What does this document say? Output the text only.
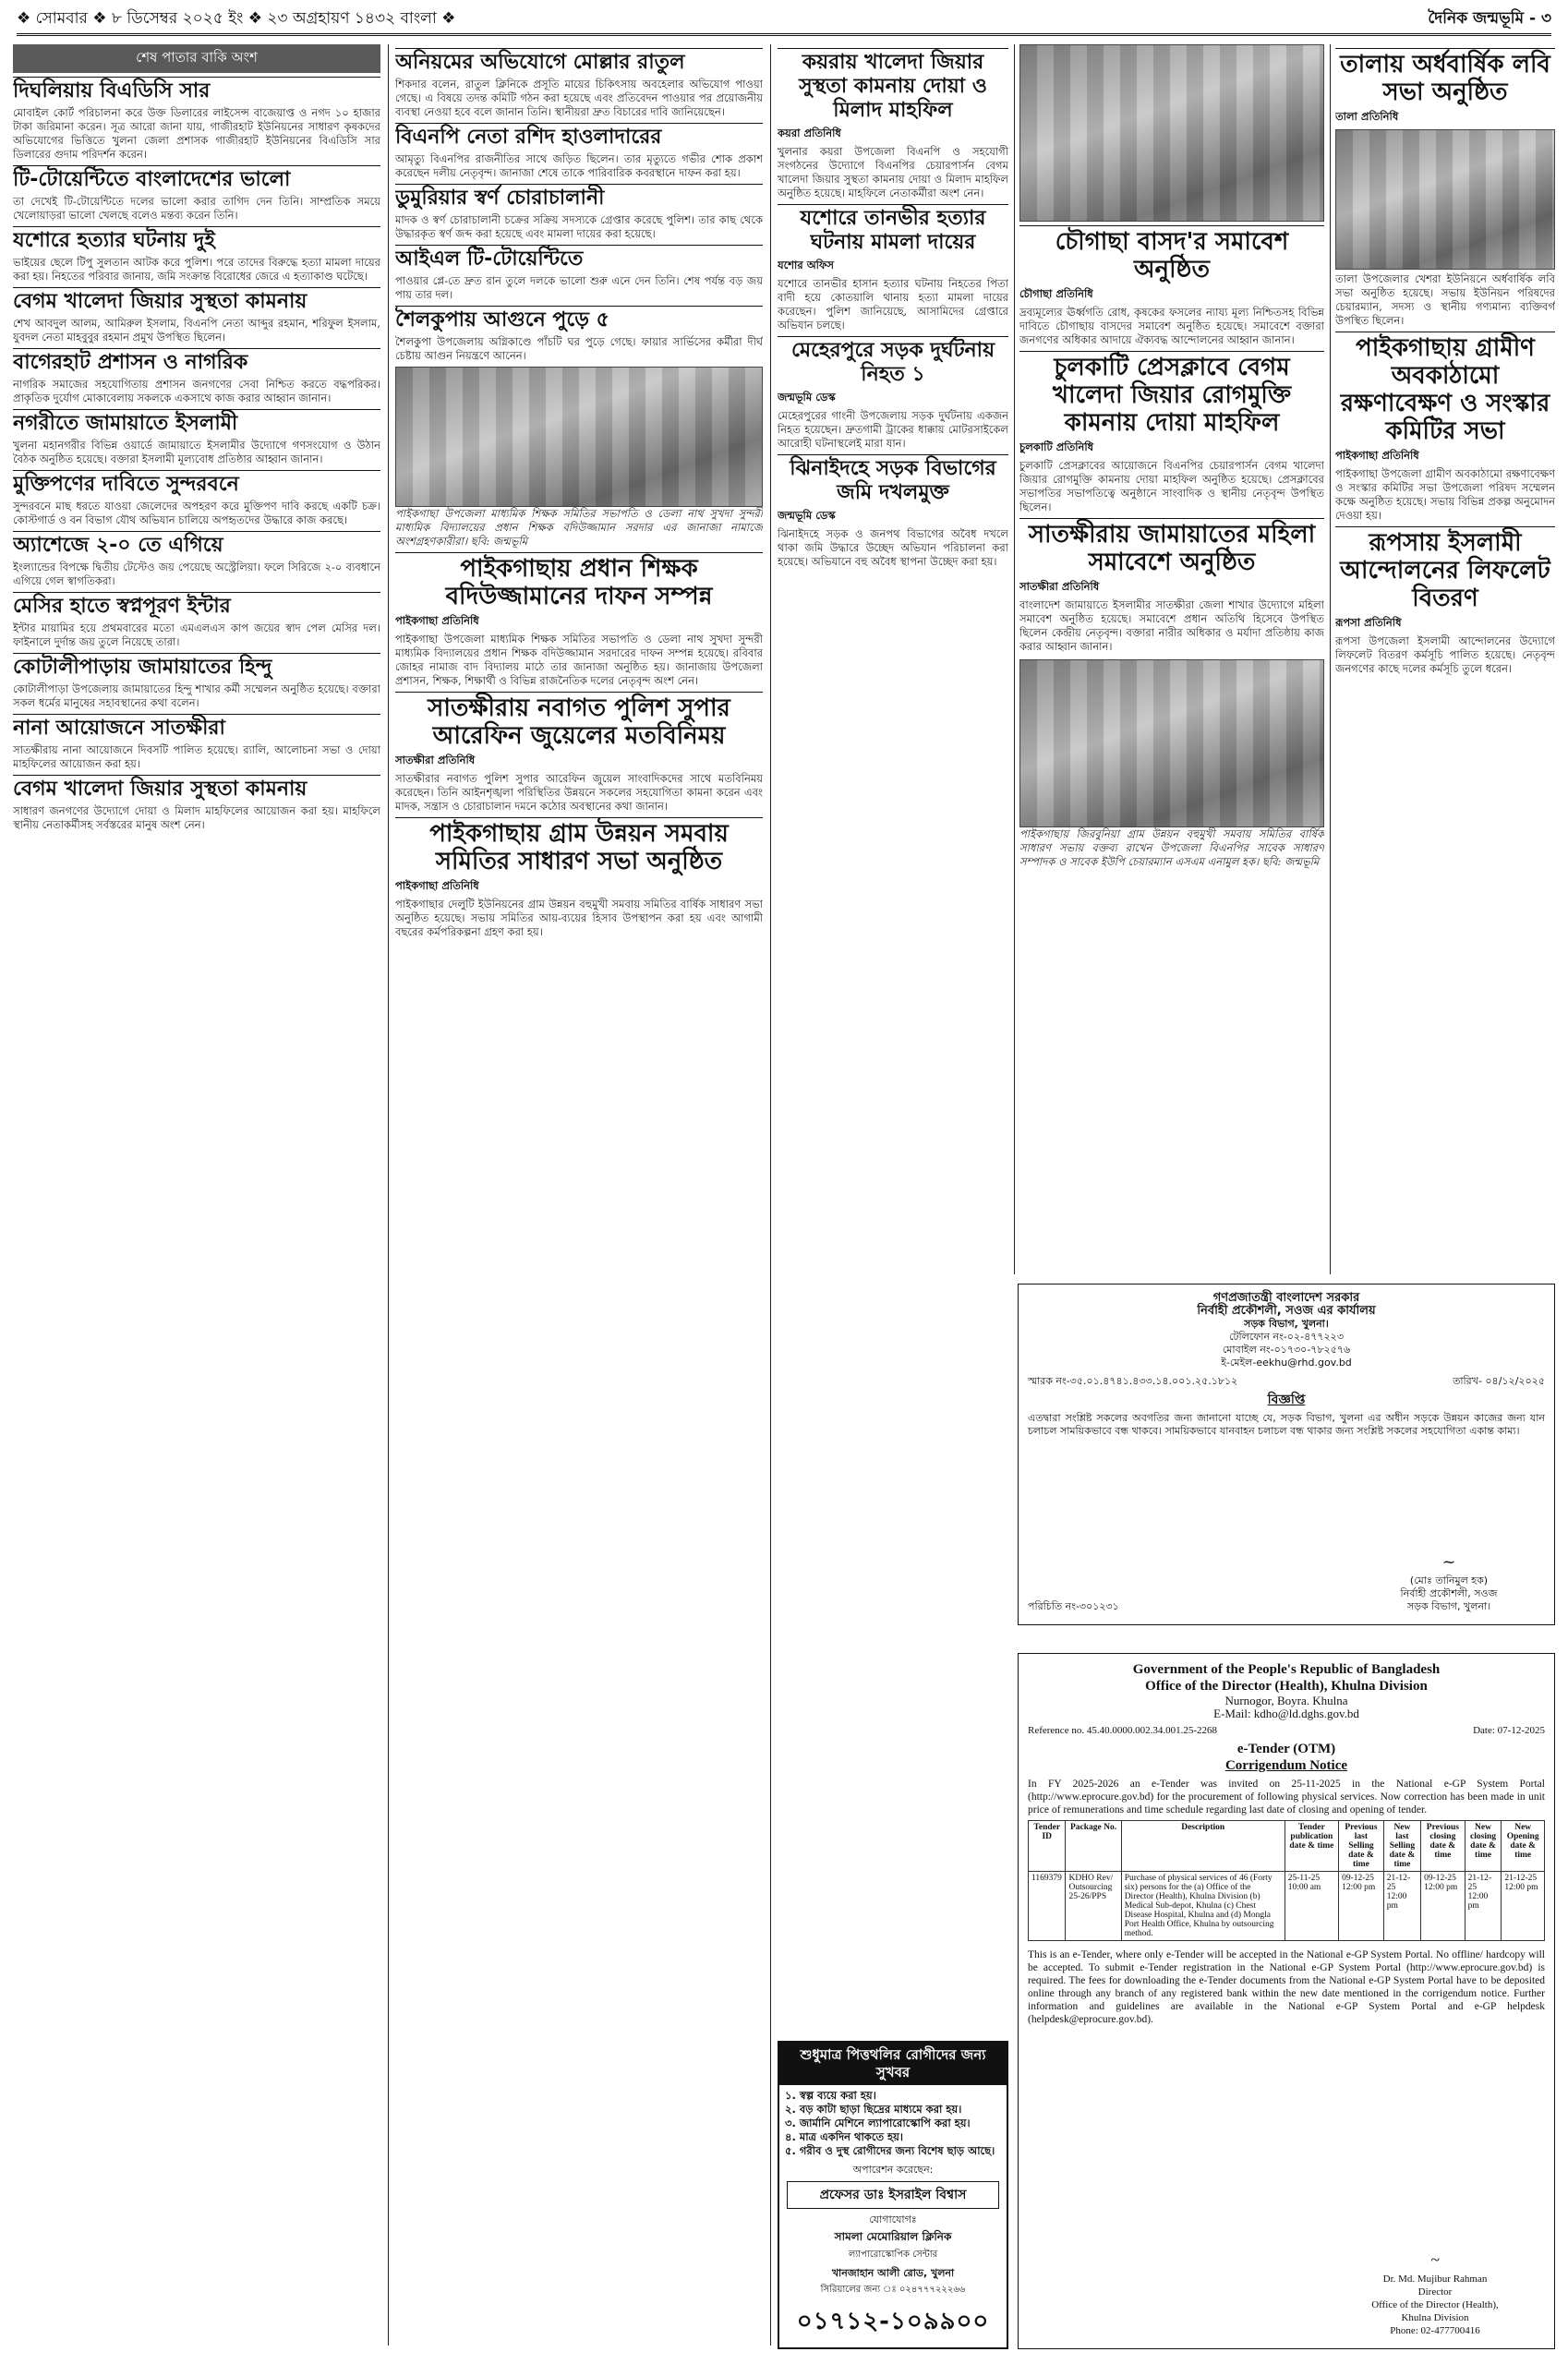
❖ সোমবার ❖ ৮ ডিসেম্বর ২০২৫ ইং ❖ ২৩ অগ্রহায়ণ ১৪৩২ বাংলা ❖	দৈনিক জন্মভূমি - ৩
শেষ পাতার বাকি অংশ
দিঘলিয়ায় বিএডিসি সার

মোবাইল কোর্ট পরিচালনা করে উক্ত ডিলারের লাইসেন্স বাজেয়াপ্ত ও নগদ ১০ হাজার টাকা জরিমানা করেন। সূত্র আরো জানা যায়, গাজীরহাট ইউনিয়নের সাধারণ কৃষকদের অভিযোগের ভিত্তিতে খুলনা জেলা প্রশাসক গাজীরহাট ইউনিয়নের বিএডিসি সার ডিলারের গুদাম পরিদর্শন করেন।

টি-টোয়েন্টিতে বাংলাদেশের ভালো

তা দেখেই টি-টোয়েন্টিতে দলের ভালো করার তাগিদ দেন তিনি। সাম্প্রতিক সময়ে খেলোয়াড়রা ভালো খেলছে বলেও মন্তব্য করেন তিনি।

যশোরে হত্যার ঘটনায় দুই

ভাইয়ের ছেলে টিপু সুলতান আটক করে পুলিশ। পরে তাদের বিরুদ্ধে হত্যা মামলা দায়ের করা হয়। নিহতের পরিবার জানায়, জমি সংক্রান্ত বিরোধের জেরে এ হত্যাকাণ্ড ঘটেছে।

বেগম খালেদা জিয়ার সুস্থতা কামনায়

শেখ আবদুল আলম, আমিরুল ইসলাম, বিএনপি নেতা আব্দুর রহমান, শরিফুল ইসলাম, যুবদল নেতা মাহবুবুর রহমান প্রমুখ উপস্থিত ছিলেন।

বাগেরহাট প্রশাসন ও নাগরিক

নাগরিক সমাজের সহযোগিতায় প্রশাসন জনগণের সেবা নিশ্চিত করতে বদ্ধপরিকর। প্রাকৃতিক দুর্যোগ মোকাবেলায় সকলকে একসাথে কাজ করার আহ্বান জানান।

নগরীতে জামায়াতে ইসলামী

খুলনা মহানগরীর বিভিন্ন ওয়ার্ডে জামায়াতে ইসলামীর উদ্যোগে গণসংযোগ ও উঠান বৈঠক অনুষ্ঠিত হয়েছে। বক্তারা ইসলামী মূল্যবোধ প্রতিষ্ঠার আহ্বান জানান।

মুক্তিপণের দাবিতে সুন্দরবনে

সুন্দরবনে মাছ ধরতে যাওয়া জেলেদের অপহরণ করে মুক্তিপণ দাবি করছে একটি চক্র। কোস্টগার্ড ও বন বিভাগ যৌথ অভিযান চালিয়ে অপহৃতদের উদ্ধারে কাজ করছে।

অ্যাশেজে ২-০ তে এগিয়ে

ইংল্যান্ডের বিপক্ষে দ্বিতীয় টেস্টেও জয় পেয়েছে অস্ট্রেলিয়া। ফলে সিরিজে ২-০ ব্যবধানে এগিয়ে গেল স্বাগতিকরা।

মেসির হাতে স্বপ্নপূরণ ইন্টার

ইন্টার মায়ামির হয়ে প্রথমবারের মতো এমএলএস কাপ জয়ের স্বাদ পেল মেসির দল। ফাইনালে দুর্দান্ত জয় তুলে নিয়েছে তারা।

কোটালীপাড়ায় জামায়াতের হিন্দু

কোটালীপাড়া উপজেলায় জামায়াতের হিন্দু শাখার কর্মী সম্মেলন অনুষ্ঠিত হয়েছে। বক্তারা সকল ধর্মের মানুষের সহাবস্থানের কথা বলেন।

নানা আয়োজনে সাতক্ষীরা

সাতক্ষীরায় নানা আয়োজনে দিবসটি পালিত হয়েছে। র‍্যালি, আলোচনা সভা ও দোয়া মাহফিলের আয়োজন করা হয়।

বেগম খালেদা জিয়ার সুস্থতা কামনায়

সাধারণ জনগণের উদ্যোগে দোয়া ও মিলাদ মাহফিলের আয়োজন করা হয়। মাহফিলে স্থানীয় নেতাকর্মীসহ সর্বস্তরের মানুষ অংশ নেন।

অনিয়মের অভিযোগে মোল্লার রাতুল

শিকদার বলেন, রাতুল ক্লিনিকে প্রসূতি মায়ের চিকিৎসায় অবহেলার অভিযোগ পাওয়া গেছে। এ বিষয়ে তদন্ত কমিটি গঠন করা হয়েছে এবং প্রতিবেদন পাওয়ার পর প্রয়োজনীয় ব্যবস্থা নেওয়া হবে বলে জানান তিনি। স্থানীয়রা দ্রুত বিচারের দাবি জানিয়েছেন।

বিএনপি নেতা রশিদ হাওলাদারের

আমৃত্যু বিএনপির রাজনীতির সাথে জড়িত ছিলেন। তার মৃত্যুতে গভীর শোক প্রকাশ করেছেন দলীয় নেতৃবৃন্দ। জানাজা শেষে তাকে পারিবারিক কবরস্থানে দাফন করা হয়।

ডুমুরিয়ার স্বর্ণ চোরাচালানী

মাদক ও স্বর্ণ চোরাচালানী চক্রের সক্রিয় সদস্যকে গ্রেপ্তার করেছে পুলিশ। তার কাছ থেকে উদ্ধারকৃত স্বর্ণ জব্দ করা হয়েছে এবং মামলা দায়ের করা হয়েছে।

আইএল টি-টোয়েন্টিতে

পাওয়ার প্লে-তে দ্রুত রান তুলে দলকে ভালো শুরু এনে দেন তিনি। শেষ পর্যন্ত বড় জয় পায় তার দল।

শৈলকুপায় আগুনে পুড়ে ৫

শৈলকুপা উপজেলায় অগ্নিকাণ্ডে পাঁচটি ঘর পুড়ে গেছে। ফায়ার সার্ভিসের কর্মীরা দীর্ঘ চেষ্টায় আগুন নিয়ন্ত্রণে আনেন।

পাইকগাছা উপজেলা মাধ্যমিক শিক্ষক সমিতির সভাপতি ও ডেলা নাথ সুখদা সুন্দরী মাধ্যমিক বিদ্যালয়ের প্রধান শিক্ষক বদিউজ্জামান সরদার এর জানাজা নামাজে অংশগ্রহণকারীরা। ছবি: জন্মভূমি

পাইকগাছায় প্রধান শিক্ষক বদিউজ্জামানের দাফন সম্পন্ন
পাইকগাছা প্রতিনিধি

পাইকগাছা উপজেলা মাধ্যমিক শিক্ষক সমিতির সভাপতি ও ডেলা নাথ সুখদা সুন্দরী মাধ্যমিক বিদ্যালয়ের প্রধান শিক্ষক বদিউজ্জামান সরদারের দাফন সম্পন্ন হয়েছে। রবিবার জোহর নামাজ বাদ বিদ্যালয় মাঠে তার জানাজা অনুষ্ঠিত হয়। জানাজায় উপজেলা প্রশাসন, শিক্ষক, শিক্ষার্থী ও বিভিন্ন রাজনৈতিক দলের নেতৃবৃন্দ অংশ নেন।

সাতক্ষীরায় নবাগত পুলিশ সুপার আরেফিন জুয়েলের মতবিনিময়
সাতক্ষীরা প্রতিনিধি

সাতক্ষীরার নবাগত পুলিশ সুপার আরেফিন জুয়েল সাংবাদিকদের সাথে মতবিনিময় করেছেন। তিনি আইনশৃঙ্খলা পরিস্থিতির উন্নয়নে সকলের সহযোগিতা কামনা করেন এবং মাদক, সন্ত্রাস ও চোরাচালান দমনে কঠোর অবস্থানের কথা জানান।

পাইকগাছায় গ্রাম উন্নয়ন সমবায় সমিতির সাধারণ সভা অনুষ্ঠিত
পাইকগাছা প্রতিনিধি

পাইকগাছার দেলুটি ইউনিয়নের গ্রাম উন্নয়ন বহুমুখী সমবায় সমিতির বার্ষিক সাধারণ সভা অনুষ্ঠিত হয়েছে। সভায় সমিতির আয়-ব্যয়ের হিসাব উপস্থাপন করা হয় এবং আগামী বছরের কর্মপরিকল্পনা গ্রহণ করা হয়।

কয়রায় খালেদা জিয়ার সুস্থতা কামনায় দোয়া ও মিলাদ মাহফিল
কয়রা প্রতিনিধি

খুলনার কয়রা উপজেলা বিএনপি ও সহযোগী সংগঠনের উদ্যোগে বিএনপির চেয়ারপার্সন বেগম খালেদা জিয়ার সুস্থতা কামনায় দোয়া ও মিলাদ মাহফিল অনুষ্ঠিত হয়েছে। মাহফিলে নেতাকর্মীরা অংশ নেন।

যশোরে তানভীর হত্যার ঘটনায় মামলা দায়ের
যশোর অফিস

যশোরে তানভীর হাসান হত্যার ঘটনায় নিহতের পিতা বাদী হয়ে কোতয়ালি থানায় হত্যা মামলা দায়ের করেছেন। পুলিশ জানিয়েছে, আসামিদের গ্রেপ্তারে অভিযান চলছে।

মেহেরপুরে সড়ক দুর্ঘটনায় নিহত ১
জন্মভূমি ডেস্ক

মেহেরপুরের গাংনী উপজেলায় সড়ক দুর্ঘটনায় একজন নিহত হয়েছেন। দ্রুতগামী ট্রাকের ধাক্কায় মোটরসাইকেল আরোহী ঘটনাস্থলেই মারা যান।

ঝিনাইদহে সড়ক বিভাগের জমি দখলমুক্ত
জন্মভূমি ডেস্ক

ঝিনাইদহে সড়ক ও জনপথ বিভাগের অবৈধ দখলে থাকা জমি উদ্ধারে উচ্ছেদ অভিযান পরিচালনা করা হয়েছে। অভিযানে বহু অবৈধ স্থাপনা উচ্ছেদ করা হয়।

শুধুমাত্র পিত্তথলির রোগীদের জন্য সুখবর
১. স্বল্প ব্যয়ে করা হয়।
২. বড় কাটা ছাড়া ছিদ্রের মাধ্যমে করা হয়।
৩. জার্মানি মেশিনে ল্যাপারোস্কোপি করা হয়।
৪. মাত্র একদিন থাকতে হয়।
৫. গরীব ও দুস্থ রোগীদের জন্য বিশেষ ছাড় আছে।
অপারেশন করেছেন:
প্রফেসর ডাঃ ইসরাইল বিশ্বাস
যোগাযোগঃ
সামলা মেমোরিয়াল ক্লিনিক
ল্যাপারোস্কোপিক সেন্টার
খানজাহান আলী রোড, খুলনা
সিরিয়ালের জন্য ঃ ০২৪৭৭৭২২২৬৬
০১৭১২-১০৯৯০০
চৌগাছা বাসদ'র সমাবেশ অনুষ্ঠিত
চৌগাছা প্রতিনিধি

দ্রব্যমূল্যের ঊর্ধ্বগতি রোধ, কৃষকের ফসলের ন্যায্য মূল্য নিশ্চিতসহ বিভিন্ন দাবিতে চৌগাছায় বাসদের সমাবেশ অনুষ্ঠিত হয়েছে। সমাবেশে বক্তারা জনগণের অধিকার আদায়ে ঐক্যবদ্ধ আন্দোলনের আহ্বান জানান।

চুলকাটি প্রেসক্লাবে বেগম খালেদা জিয়ার রোগমুক্তি কামনায় দোয়া মাহফিল
চুলকাটি প্রতিনিধি

চুলকাটি প্রেসক্লাবের আয়োজনে বিএনপির চেয়ারপার্সন বেগম খালেদা জিয়ার রোগমুক্তি কামনায় দোয়া মাহফিল অনুষ্ঠিত হয়েছে। প্রেসক্লাবের সভাপতির সভাপতিত্বে অনুষ্ঠানে সাংবাদিক ও স্থানীয় নেতৃবৃন্দ উপস্থিত ছিলেন।

সাতক্ষীরায় জামায়াতের মহিলা সমাবেশে অনুষ্ঠিত
সাতক্ষীরা প্রতিনিধি

বাংলাদেশ জামায়াতে ইসলামীর সাতক্ষীরা জেলা শাখার উদ্যোগে মহিলা সমাবেশ অনুষ্ঠিত হয়েছে। সমাবেশে প্রধান অতিথি হিসেবে উপস্থিত ছিলেন কেন্দ্রীয় নেতৃবৃন্দ। বক্তারা নারীর অধিকার ও মর্যাদা প্রতিষ্ঠায় কাজ করার আহ্বান জানান।

পাইকগাছায় জিরবুনিয়া গ্রাম উন্নয়ন বহুমুখী সমবায় সমিতির বার্ষিক সাধারণ সভায় বক্তব্য রাখেন উপজেলা বিএনপির সাবেক সাধারণ সম্পাদক ও সাবেক ইউপি চেয়ারম্যান এসএম এনামুল হক। ছবি: জন্মভূমি

তালায় অর্ধবার্ষিক লবি সভা অনুষ্ঠিত
তালা প্রতিনিধি

তালা উপজেলার খেশরা ইউনিয়নে অর্ধবার্ষিক লবি সভা অনুষ্ঠিত হয়েছে। সভায় ইউনিয়ন পরিষদের চেয়ারম্যান, সদস্য ও স্থানীয় গণ্যমান্য ব্যক্তিবর্গ উপস্থিত ছিলেন।

পাইকগাছায় গ্রামীণ অবকাঠামো রক্ষণাবেক্ষণ ও সংস্কার কমিটির সভা
পাইকগাছা প্রতিনিধি

পাইকগাছা উপজেলা গ্রামীণ অবকাঠামো রক্ষণাবেক্ষণ ও সংস্কার কমিটির সভা উপজেলা পরিষদ সম্মেলন কক্ষে অনুষ্ঠিত হয়েছে। সভায় বিভিন্ন প্রকল্প অনুমোদন দেওয়া হয়।

রূপসায় ইসলামী আন্দোলনের লিফলেট বিতরণ
রূপসা প্রতিনিধি

রূপসা উপজেলা ইসলামী আন্দোলনের উদ্যোগে লিফলেট বিতরণ কর্মসূচি পালিত হয়েছে। নেতৃবৃন্দ জনগণের কাছে দলের কর্মসূচি তুলে ধরেন।

গণপ্রজাতন্ত্রী বাংলাদেশ সরকার

নির্বাহী প্রকৌশলী, সওজ এর কার্যালয়

সড়ক বিভাগ, খুলনা।

টেলিফোন নং-০২-৪৭৭২২৩

মোবাইল নং-০১৭৩০-৭৮২৫৭৬

ই-মেইল-eekhu@rhd.gov.bd

স্মারক নং-৩৫.০১.৪৭৪১.৪৩৩.১৪.০০১.২৫.১৮১২	তারিখ- ০৪/১২/২০২৫

বিজ্ঞপ্তি

এতদ্বারা সংশ্লিষ্ট সকলের অবগতির জন্য জানানো যাচ্ছে যে, সড়ক বিভাগ, খুলনা এর অধীন সড়কে উন্নয়ন কাজের জন্য যান চলাচল সাময়িকভাবে বন্ধ থাকবে। সাময়িকভাবে যানবাহন চলাচল বন্ধ থাকার জন্য সংশ্লিষ্ট সকলের সহযোগিতা একান্ত কাম্য।

~

(মোঃ তানিমুল হক)

নির্বাহী প্রকৌশলী, সওজ

সড়ক বিভাগ, খুলনা।

পরিচিতি নং-৩০১২৩১

Government of the People's Republic of Bangladesh

Office of the Director (Health), Khulna Division

Nurnogor, Boyra. Khulna

E-Mail: kdho@ld.dghs.gov.bd

Reference no. 45.40.0000.002.34.001.25-2268	Date: 07-12-2025

e-Tender (OTM)

Corrigendum Notice

In FY 2025-2026 an e-Tender was invited on 25-11-2025 in the National e-GP System Portal (http://www.eprocure.gov.bd) for the procurement of following physical services. Now correction has been made in unit price of remunerations and time schedule regarding last date of closing and opening of tender.

Tender ID	Package No.	Description	Tender publication date & time	Previous last Selling date & time	New last Selling date & time	Previous closing date & time	New closing date & time	New Opening date & time
1169379	KDHO Rev/ Outsourcing 25-26/PPS	Purchase of physical services of 46 (Forty six) persons for the (a) Office of the Director (Health), Khulna Division (b) Medical Sub-depot, Khulna (c) Chest Disease Hospital, Khulna and (d) Mongla Port Health Office, Khulna by outsourcing method.	25-11-25 10:00 am	09-12-25 12:00 pm	21-12-25 12:00 pm	09-12-25 12:00 pm	21-12-25 12:00 pm	21-12-25 12:00 pm

This is an e-Tender, where only e-Tender will be accepted in the National e-GP System Portal. No offline/ hardcopy will be accepted. To submit e-Tender registration in the National e-GP System Portal (http://www.eprocure.gov.bd) is required. The fees for downloading the e-Tender documents from the National e-GP System Portal have to be deposited online through any branch of any registered bank within the new date mentioned in the corrigendum notice. Further information and guidelines are available in the National e-GP System Portal and e-GP helpdesk (helpdesk@eprocure.gov.bd).

~

Dr. Md. Mujibur Rahman

Director

Office of the Director (Health),

Khulna Division

Phone: 02-477700416
